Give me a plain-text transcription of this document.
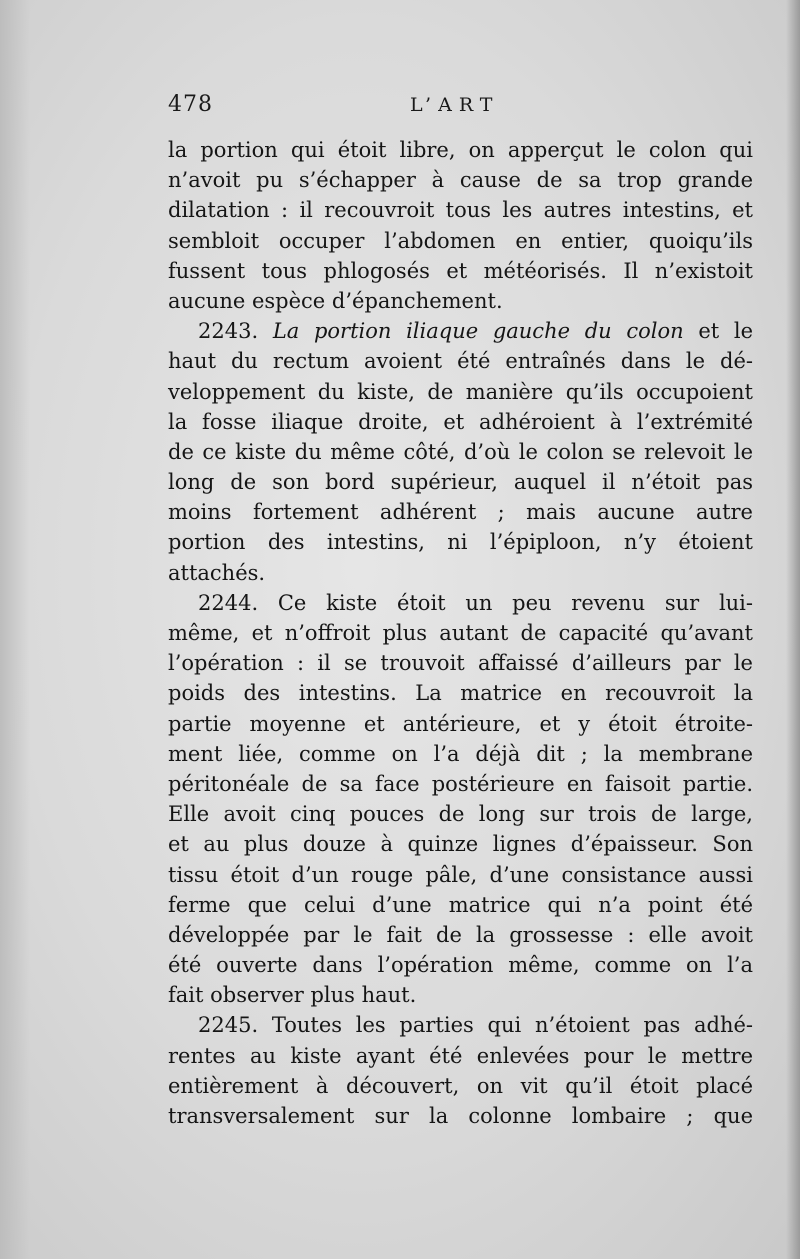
478	L’ART
la portion qui étoit libre, on apperçut le colon qui
n’avoit pu s’échapper à cause de sa trop grande
dilatation : il recouvroit tous les autres intestins, et
sembloit occuper l’abdomen en entier, quoiqu’ils
fussent tous phlogosés et météorisés. Il n’existoit
aucune espèce d’épanchement.
2243. La portion iliaque gauche du colon et le
haut du rectum avoient été entraînés dans le dé-
veloppement du kiste, de manière qu’ils occupoient
la fosse iliaque droite, et adhéroient à l’extrémité
de ce kiste du même côté, d’où le colon se relevoit le
long de son bord supérieur, auquel il n’étoit pas
moins fortement adhérent ; mais aucune autre
portion des intestins, ni l’épiploon, n’y étoient
attachés.
2244. Ce kiste étoit un peu revenu sur lui-
même, et n’offroit plus autant de capacité qu’avant
l’opération : il se trouvoit affaissé d’ailleurs par le
poids des intestins. La matrice en recouvroit la
partie moyenne et antérieure, et y étoit étroite-
ment liée, comme on l’a déjà dit ; la membrane
péritonéale de sa face postérieure en faisoit partie.
Elle avoit cinq pouces de long sur trois de large,
et au plus douze à quinze lignes d’épaisseur. Son
tissu étoit d’un rouge pâle, d’une consistance aussi
ferme que celui d’une matrice qui n’a point été
développée par le fait de la grossesse : elle avoit
été ouverte dans l’opération même, comme on l’a
fait observer plus haut.
2245. Toutes les parties qui n’étoient pas adhé-
rentes au kiste ayant été enlevées pour le mettre
entièrement à découvert, on vit qu’il étoit placé
transversalement sur la colonne lombaire ; que
